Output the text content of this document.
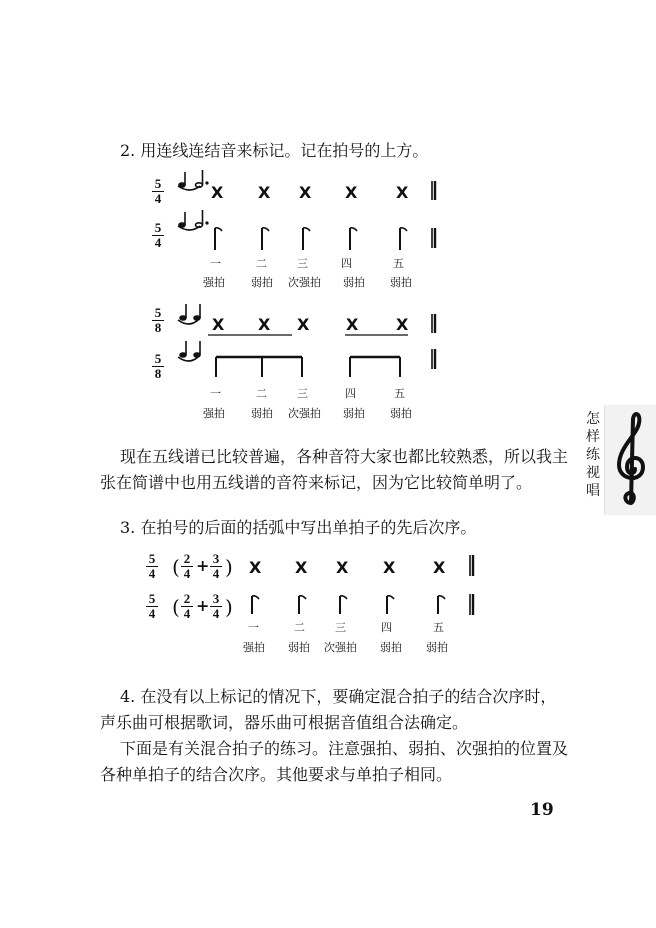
2. 用连线连结音来标记。记在拍号的上方。
5
4	X X X X X
5
4
一	二	三	四	五
强拍 弱拍 次强拍 弱拍 弱拍
5
8	X X X X X
5
8
一	二	三	四	五
强拍 弱拍 次强拍 弱拍 弱拍
现在五线谱已比较普遍，各种音符大家也都比较熟悉，所以我主张在简谱中也用五线谱的音符来标记，因为它比较简单明了。
3. 在拍号的后面的括弧中写出单拍子的先后次序。
5
4 ( 2
4 + 3
4 ) X X X X X
5
4 ( 2
4 + 3
4 )
一	二	三	四	五
强拍 弱拍 次强拍 弱拍 弱拍
4. 在没有以上标记的情况下，要确定混合拍子的结合次序时，声乐曲可根据歌词，器乐曲可根据音值组合法确定。
下面是有关混合拍子的练习。注意强拍、弱拍、次强拍的位置及各种单拍子的结合次序。其他要求与单拍子相同。
怎样练视唱
19
